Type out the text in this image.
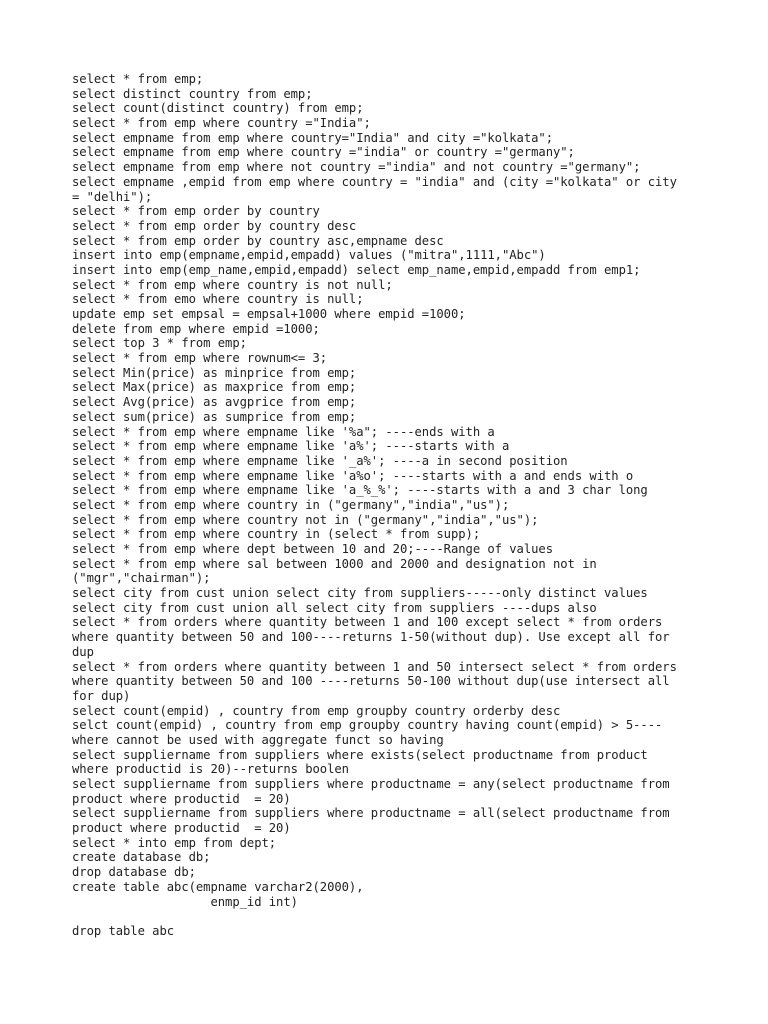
select * from emp;
select distinct country from emp;
select count(distinct country) from emp;
select * from emp where country ="India";
select empname from emp where country="India" and city ="kolkata";
select empname from emp where country ="india" or country ="germany";
select empname from emp where not country ="india" and not country ="germany";
select empname ,empid from emp where country = "india" and (city ="kolkata" or city
= "delhi");
select * from emp order by country
select * from emp order by country desc
select * from emp order by country asc,empname desc
insert into emp(empname,empid,empadd) values ("mitra",1111,"Abc")
insert into emp(emp_name,empid,empadd) select emp_name,empid,empadd from emp1;
select * from emp where country is not null;
select * from emo where country is null;
update emp set empsal = empsal+1000 where empid =1000;
delete from emp where empid =1000;
select top 3 * from emp;
select * from emp where rownum<= 3;
select Min(price) as minprice from emp;
select Max(price) as maxprice from emp;
select Avg(price) as avgprice from emp;
select sum(price) as sumprice from emp;
select * from emp where empname like '%a"; ----ends with a
select * from emp where empname like 'a%'; ----starts with a
select * from emp where empname like '_a%'; ----a in second position
select * from emp where empname like 'a%o'; ----starts with a and ends with o
select * from emp where empname like 'a_%_%'; ----starts with a and 3 char long
select * from emp where country in ("germany","india","us");
select * from emp where country not in ("germany","india","us");
select * from emp where country in (select * from supp);
select * from emp where dept between 10 and 20;----Range of values
select * from emp where sal between 1000 and 2000 and designation not in
("mgr","chairman");
select city from cust union select city from suppliers-----only distinct values
select city from cust union all select city from suppliers ----dups also
select * from orders where quantity between 1 and 100 except select * from orders
where quantity between 50 and 100----returns 1-50(without dup). Use except all for
dup
select * from orders where quantity between 1 and 50 intersect select * from orders
where quantity between 50 and 100 ----returns 50-100 without dup(use intersect all
for dup)
select count(empid) , country from emp groupby country orderby desc
selct count(empid) , country from emp groupby country having count(empid) > 5----
where cannot be used with aggregate funct so having
select suppliername from suppliers where exists(select productname from product
where productid is 20)--returns boolen
select suppliername from suppliers where productname = any(select productname from
product where productid  = 20)
select suppliername from suppliers where productname = all(select productname from
product where productid  = 20)
select * into emp from dept;
create database db;
drop database db;
create table abc(empname varchar2(2000),
enmp_id int)
drop table abc
